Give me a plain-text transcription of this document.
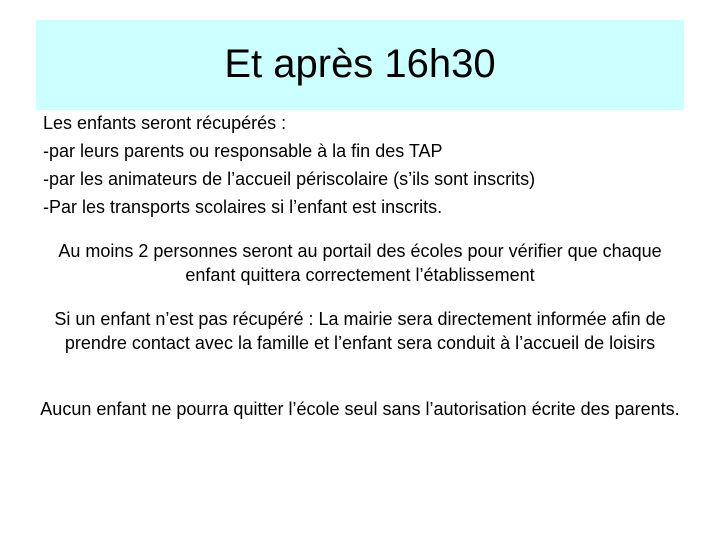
Et après 16h30
Les enfants seront récupérés :
-par leurs parents ou responsable à la fin des TAP
-par les animateurs de l’accueil périscolaire (s’ils sont inscrits)
-Par les transports scolaires si l’enfant est inscrits.
Au moins 2 personnes seront au portail des écoles pour vérifier que chaque enfant quittera correctement l’établissement
Si un enfant n’est pas récupéré : La mairie sera directement informée afin de prendre contact avec la famille et l’enfant sera conduit à l’accueil de loisirs
Aucun enfant ne pourra quitter l’école seul sans l’autorisation écrite des parents.
